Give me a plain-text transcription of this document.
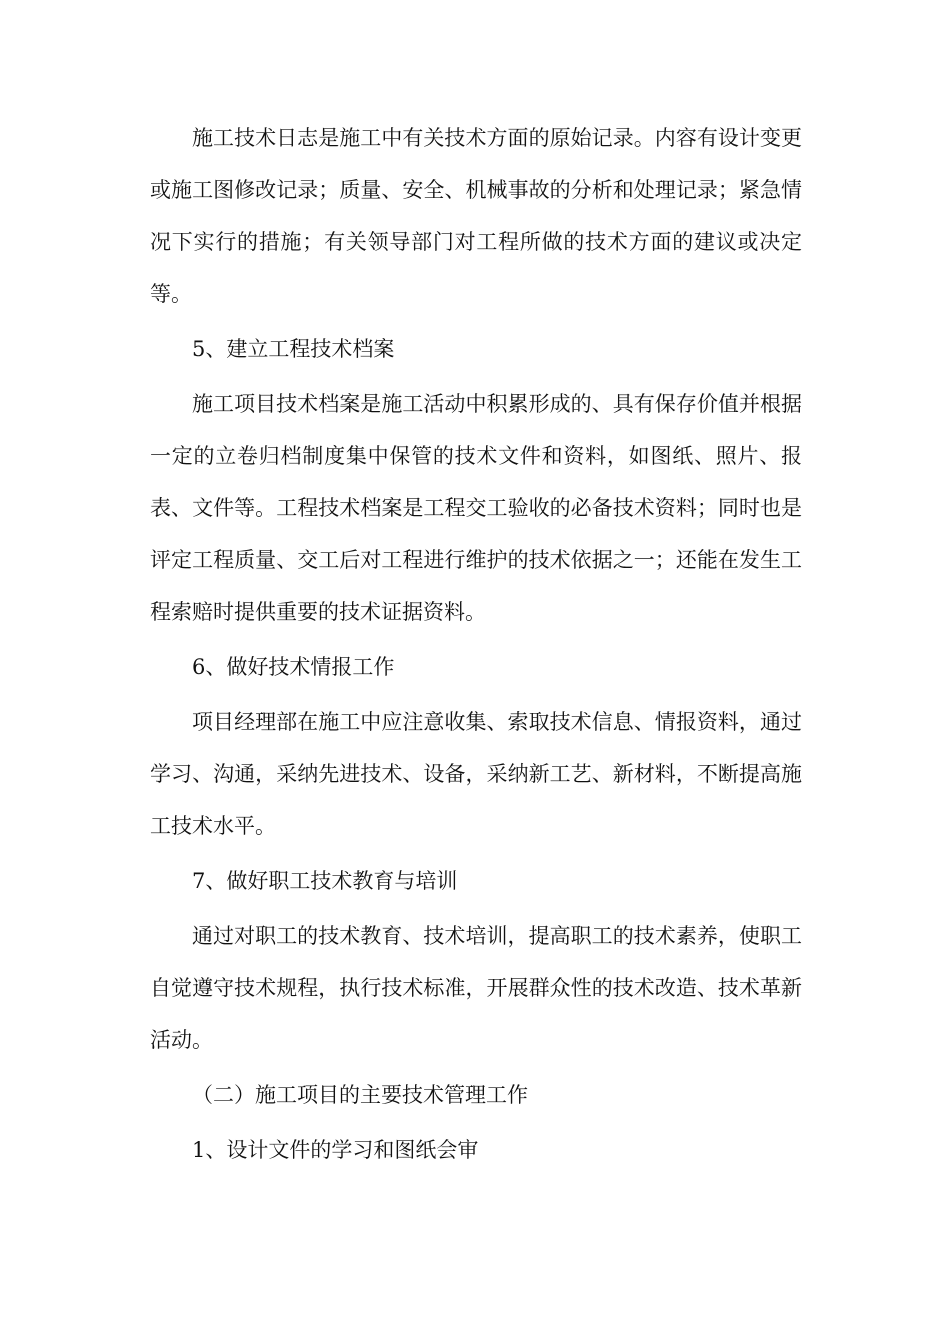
施工技术日志是施工中有关技术方面的原始记录。内容有设计变更或施工图修改记录；质量、安全、机械事故的分析和处理记录；紧急情况下实行的措施；有关领导部门对工程所做的技术方面的建议或决定等。

5、建立工程技术档案

施工项目技术档案是施工活动中积累形成的、具有保存价值并根据一定的立卷归档制度集中保管的技术文件和资料，如图纸、照片、报表、文件等。工程技术档案是工程交工验收的必备技术资料；同时也是评定工程质量、交工后对工程进行维护的技术依据之一；还能在发生工程索赔时提供重要的技术证据资料。

6、做好技术情报工作

项目经理部在施工中应注意收集、索取技术信息、情报资料，通过学习、沟通，采纳先进技术、设备，采纳新工艺、新材料，不断提高施工技术水平。

7、做好职工技术教育与培训

通过对职工的技术教育、技术培训，提高职工的技术素养，使职工自觉遵守技术规程，执行技术标准，开展群众性的技术改造、技术革新活动。

（二）施工项目的主要技术管理工作

1、设计文件的学习和图纸会审
